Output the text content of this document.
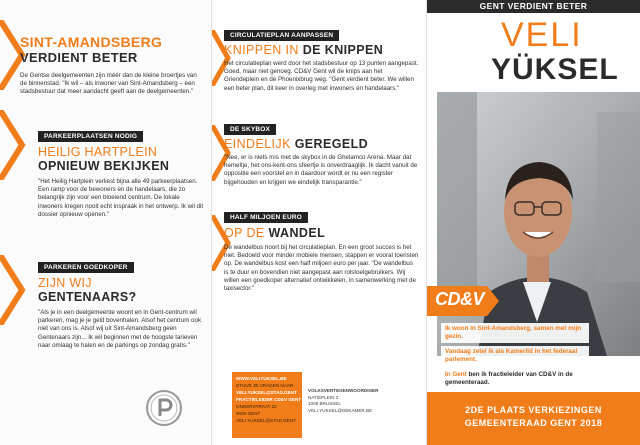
SINT-AMANDSBERG
VERDIENT BETER
De Gentse deelgemeenten zijn méér dan de kleine broertjes van de binnenstad. "Ik wil – als inwoner van Sint-Amandsberg – een stadsbestuur dat meer aandacht geeft aan de deelgemeenten."
PARKEERPLAATSEN NODIG
HEILIG HARTPLEIN
OPNIEUW BEKIJKEN
"Het Heilig Hartplein verliest bijna alle 49 parkeerplaatsen. Een ramp voor de bewoners en de handelaars, die zo belangrijk zijn voor een bloeiend centrum. De lokale inwoners kregen nooit echt inspraak in het ontwerp. Ik wil dit dossier opnieuw openen."
PARKEREN GOEDKOPER
ZIJN WIJ
GENTENAARS?
"Als je in een deelgemeente woont en in Gent-centrum wil parkeren, mag je je geld bovenhalen. Alsof het centrum ook niet van ons is. Alsof wij uit Sint-Amandsberg geen Gentenaars zijn... Ik wil beginnen met de hoogste tarieven naar omlaag te halen en de parkings op zondag gratis."
CIRCULATIEPLAN AANPASSEN
KNIPPEN IN DE KNIPPEN
Het circulatieplan werd door het stadsbestuur op 13 punten aangepast. Goed, maar niet genoeg. CD&V Gent wil de knips aan het Griendeplein en de Phoenixbrug weg. "Gent verdient beter. We willen een beter plan, dit keer in overleg met inwoners én handelaars."
DE SKYBOX
EINDELIJK GEREGELD
"Nee, er is niets mis met de skybox in de Ghelamco Arena. Maar dat hemeltje, het ons-kent-ons sfeertje is onverdraaglijk. Ik dacht vanuit de oppositie een voorstel en in daardoor wordt er nu een register bijgehouden en krijgen we eindelijk transparantie."
HALF MILJOEN EURO
OP DE WANDEL
De wandelbus hoort bij het circulatieplan. En een groot succes is het niet. Bedoeld voor minder mobiele mensen, stappen er vooral toeristen op. De wandelbus kost een half miljoen euro per jaar. "De wandelbus is te duur en bovendien niet aangepast aan rolstoelgebruikers. Wij willen een goedkoper alternatief ontwikkelen, in samenwerking met de taxisector."
WWW.VELIYUKSEL.BE
STUUR JE VRAGEN NAAR
VELI.YUKSEL@STAD.GENT
FRACTIELEIDER CD&V GENT
ONDERSTRAAT 22
9000 GENT
VELI.YUKSEL@STAD.GENT
VOLKSVERTEGENWOORDIGER
NATIEPLEIN 2
1008 BRUSSEL
VELI.YUKSEL@DEKAMER.BE
GENT VERDIENT BETER
VELI
YÜKSEL
CD&V
Ik woon in Sint-Amandsberg, samen met mijn gezin.
Vandaag zetel ik als Kamerlid in het federaal parlement.
In Gent ben ik fractieleider van CD&V in de gemeenteraad.
2DE PLAATS VERKIEZINGEN
GEMEENTERAAD GENT 2018
